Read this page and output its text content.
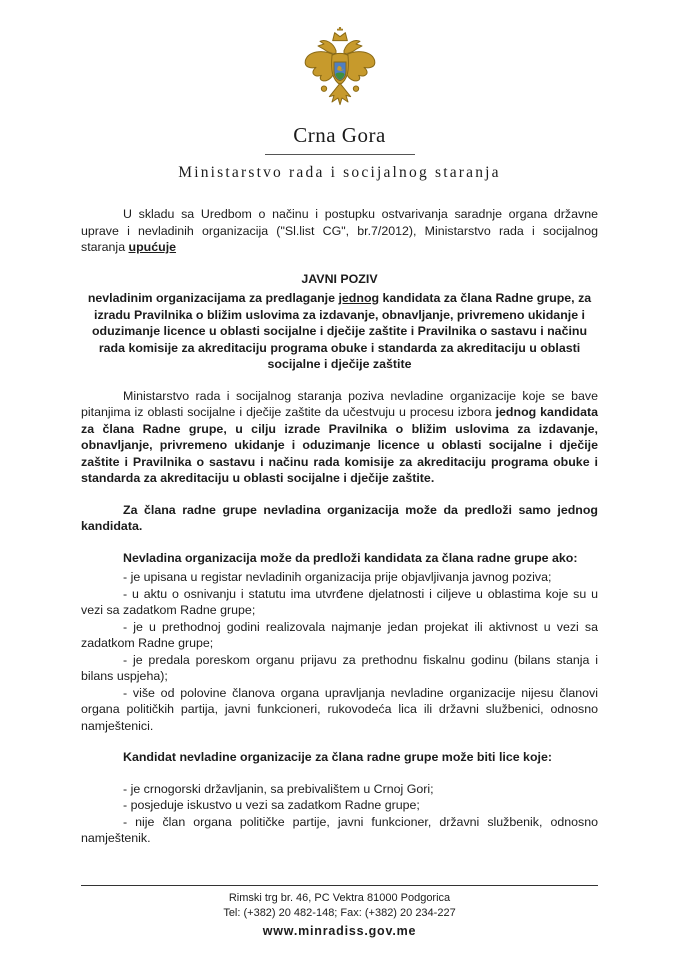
Crna Gora
Ministarstvo rada i socijalnog staranja

U skladu sa Uredbom o načinu i postupku ostvarivanja saradnje organa državne uprave i nevladinih organizacija ("Sl.list CG", br.7/2012), Ministarstvo rada i socijalnog staranja upućuje

JAVNI POZIV

nevladinim organizacijama za predlaganje jednog kandidata za člana Radne grupe, za izradu Pravilnika o bližim uslovima za izdavanje, obnavljanje, privremeno ukidanje i oduzimanje licence u oblasti socijalne i dječije zaštite i Pravilnika o sastavu i načinu rada komisije za akreditaciju programa obuke i standarda za akreditaciju u oblasti socijalne i dječije zaštite

Ministarstvo rada i socijalnog staranja poziva nevladine organizacije koje se bave pitanjima iz oblasti socijalne i dječije zaštite da učestvuju u procesu izbora jednog kandidata za člana Radne grupe, u cilju izrade Pravilnika o bližim uslovima za izdavanje, obnavljanje, privremeno ukidanje i oduzimanje licence u oblasti socijalne i dječije zaštite i Pravilnika o sastavu i načinu rada komisije za akreditaciju programa obuke i standarda za akreditaciju u oblasti socijalne i dječije zaštite.

Za člana radne grupe nevladina organizacija može da predloži samo jednog kandidata.

Nevladina organizacija može da predloži kandidata za člana radne grupe ako:

- je upisana u registar nevladinih organizacija prije objavljivanja javnog poziva;

- u aktu o osnivanju i statutu ima utvrđene djelatnosti i ciljeve u oblastima koje su u vezi sa zadatkom Radne grupe;

- je u prethodnoj godini realizovala najmanje jedan projekat ili aktivnost u vezi sa zadatkom Radne grupe;

- je predala poreskom organu prijavu za prethodnu fiskalnu godinu (bilans stanja i bilans uspjeha);

- više od polovine članova organa upravljanja nevladine organizacije nijesu članovi organa političkih partija, javni funkcioneri, rukovodeća lica ili državni službenici, odnosno namještenici.

Kandidat nevladine organizacije za člana radne grupe može biti lice koje:

- je crnogorski državljanin, sa prebivalištem u Crnoj Gori;

- posjeduje iskustvo u vezi sa zadatkom Radne grupe;

- nije član organa političke partije, javni funkcioner, državni službenik, odnosno namještenik.

Rimski trg br. 46, PC Vektra 81000 Podgorica

Tel: (+382) 20 482-148; Fax: (+382) 20 234-227

www.minradiss.gov.me
